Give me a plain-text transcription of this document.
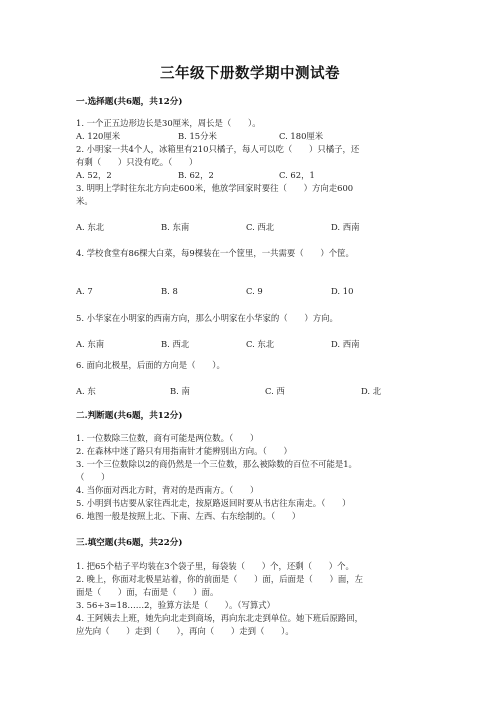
三年级下册数学期中测试卷
一.选择题(共6题，共12分)
1. 一个正五边形边长是30厘米，周长是（　　）。
A. 120厘米	B. 15分米	C. 180厘米
2. 小明家一共4个人，冰箱里有210只橘子，每人可以吃（　　）只橘子，还
有剩（　　）只没有吃。（　　）
A. 52，2	B. 62，2	C. 62，1
3. 明明上学时往东北方向走600米，他放学回家时要往（　　）方向走600
米。
A. 东北	B. 东南	C. 西北	D. 西南
4. 学校食堂有86棵大白菜，每9棵装在一个筐里，一共需要（　　）个筐。
A. 7	B. 8	C. 9	D. 10
5. 小华家在小明家的西南方向，那么小明家在小华家的（　　）方向。
A. 东南	B. 西北	C. 东北	D. 西南
6. 面向北极星，后面的方向是（　　）。
A. 东	B. 南	C. 西	D. 北
二.判断题(共6题，共12分)
1. 一位数除三位数，商有可能是两位数。（　　）
2. 在森林中迷了路只有用指南针才能辨别出方向。（　　）
3. 一个三位数除以2的商仍然是一个三位数，那么被除数的百位不可能是1。
（　　）
4. 当你面对西北方时，背对的是西南方。（　　）
5. 小明到书店要从家往西北走，按原路返回时要从书店往东南走。（　　）
6. 地图一般是按照上北、下南、左西、右东绘制的。（　　）
三.填空题(共6题，共22分)
1. 把65个桔子平均装在3个袋子里，每袋装（　　）个，还剩（　　）个。
2. 晚上，你面对北极星站着，你的前面是（　　）面，后面是（　　）面，左
面是（　　）面，右面是（　　）面。
3. 56÷3=18……2，验算方法是（　　）。（写算式）
4. 王阿姨去上班，她先向北走到商场，再向东北走到单位。她下班后原路回，
应先向（　　）走到（　　），再向（　　）走到（　　）。
